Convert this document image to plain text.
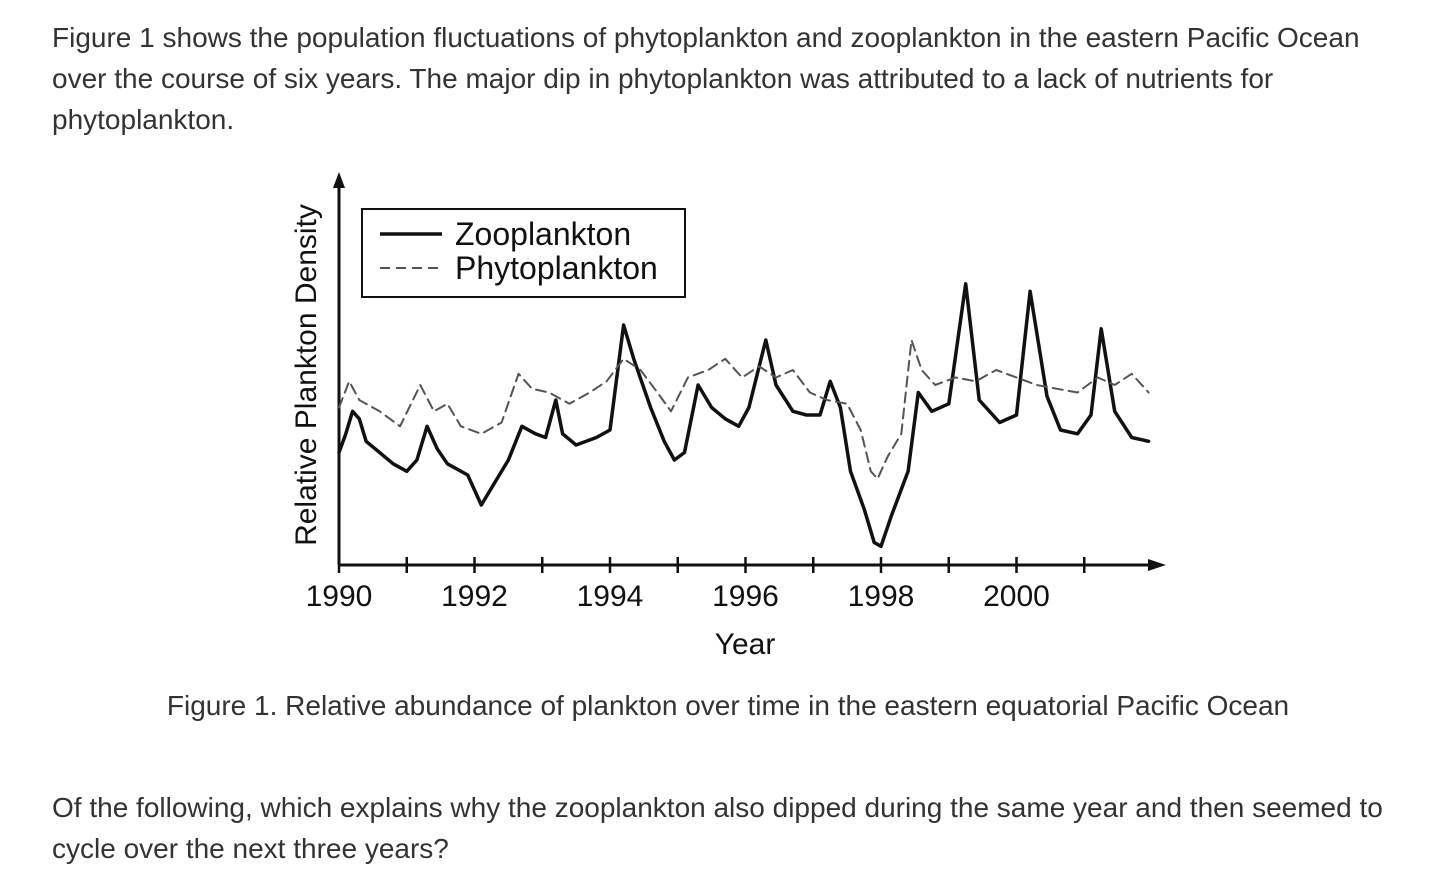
Figure 1 shows the population fluctuations of phytoplankton and zooplankton in the eastern Pacific Ocean over the course of six years. The major dip in phytoplankton was attributed to a lack of nutrients for phytoplankton.
1990 1992 1994 1996 1998 2000
Zooplankton
Phytoplankton
Relative Plankton Density
Year
Figure 1. Relative abundance of plankton over time in the eastern equatorial Pacific Ocean
Of the following, which explains why the zooplankton also dipped during the same year and then seemed to cycle over the next three years?
